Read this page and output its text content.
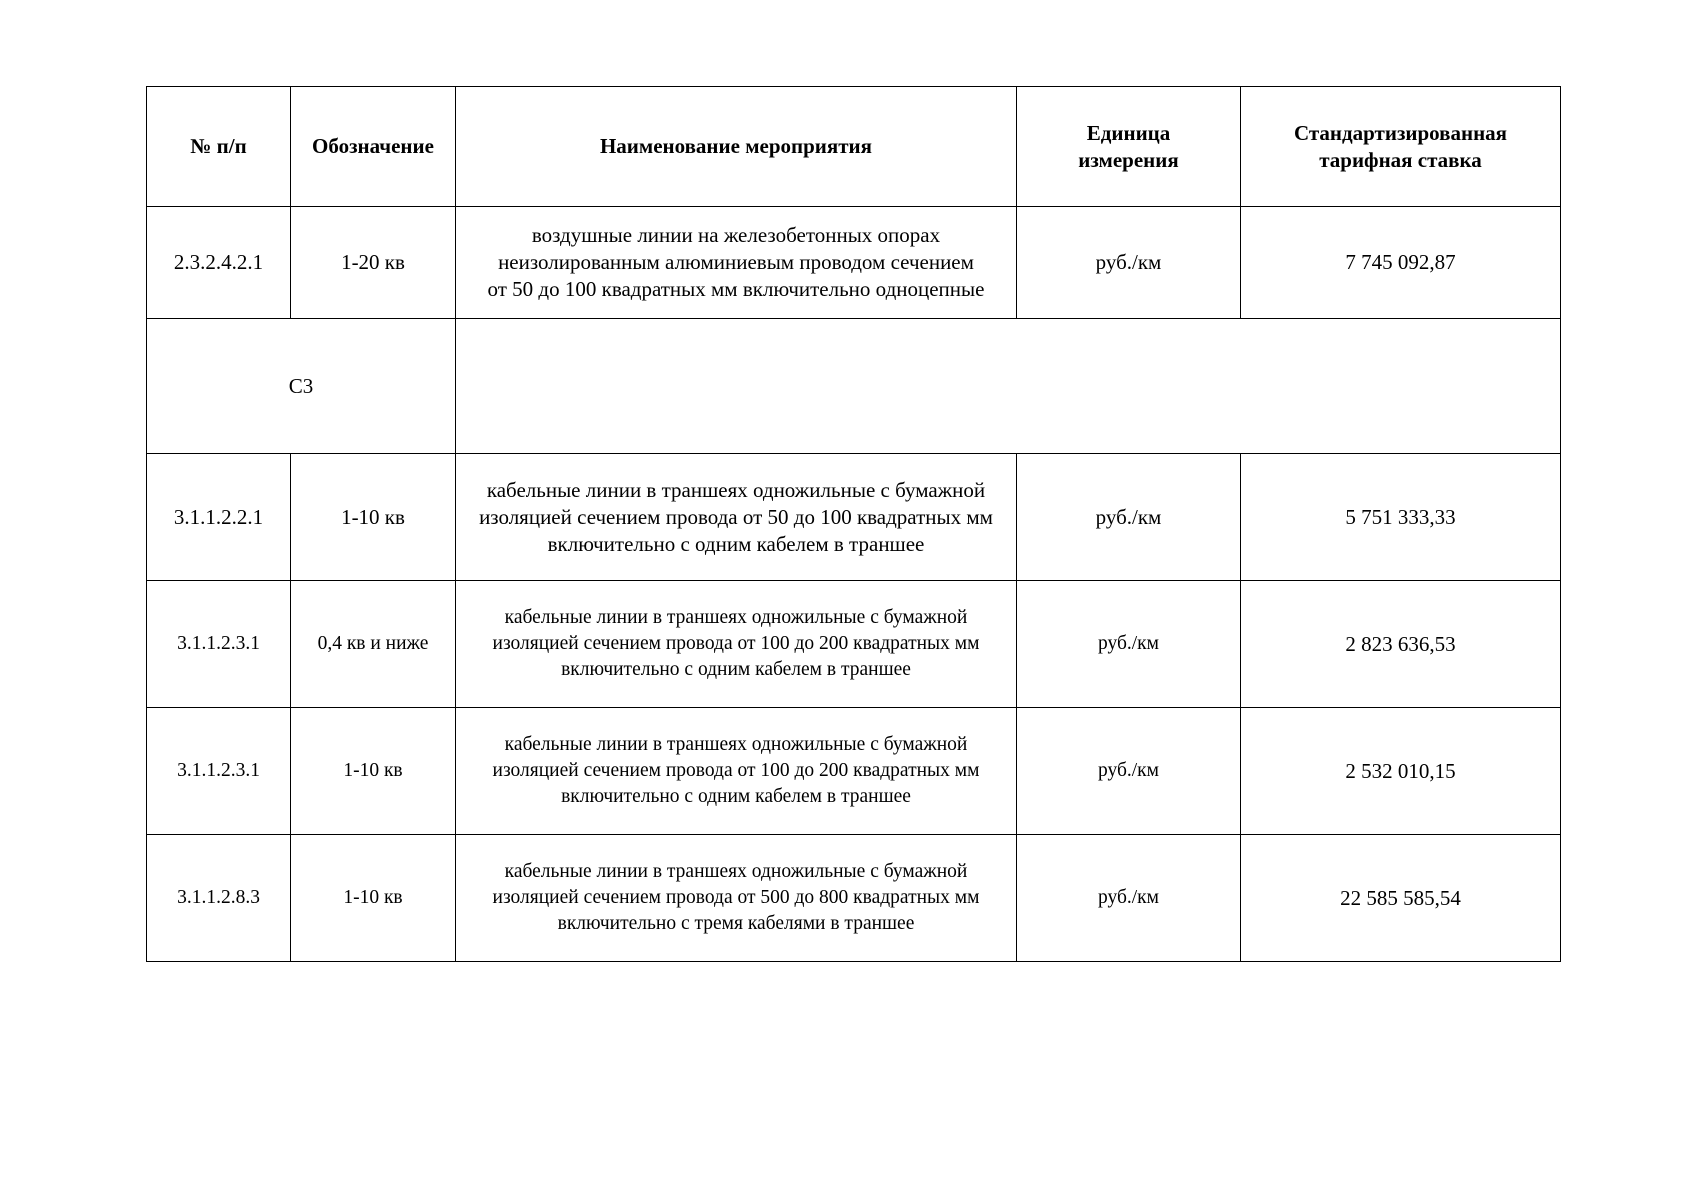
№ п/п	Обозначение	Наименование мероприятия	Единица измерения	Стандартизированная тарифная ставка
2.3.2.4.2.1	1-20 кв	воздушные линии на железобетонных опорах неизолированным алюминиевым проводом сечением от 50 до 100 квадратных мм включительно одноцепные	руб./км	7 745 092,87
С3				
3.1.1.2.2.1	1-10 кв	кабельные линии в траншеях одножильные с бумажной изоляцией сечением провода от 50 до 100 квадратных мм включительно с одним кабелем в траншее	руб./км	5 751 333,33
3.1.1.2.3.1	0,4 кв и ниже	кабельные линии в траншеях одножильные с бумажной изоляцией сечением провода от 100 до 200 квадратных мм включительно с одним кабелем в траншее	руб./км	2 823 636,53
3.1.1.2.3.1	1-10 кв	кабельные линии в траншеях одножильные с бумажной изоляцией сечением провода от 100 до 200 квадратных мм включительно с одним кабелем в траншее	руб./км	2 532 010,15
3.1.1.2.8.3	1-10 кв	кабельные линии в траншеях одножильные с бумажной изоляцией сечением провода от 500 до 800 квадратных мм включительно с тремя кабелями в траншее	руб./км	22 585 585,54
